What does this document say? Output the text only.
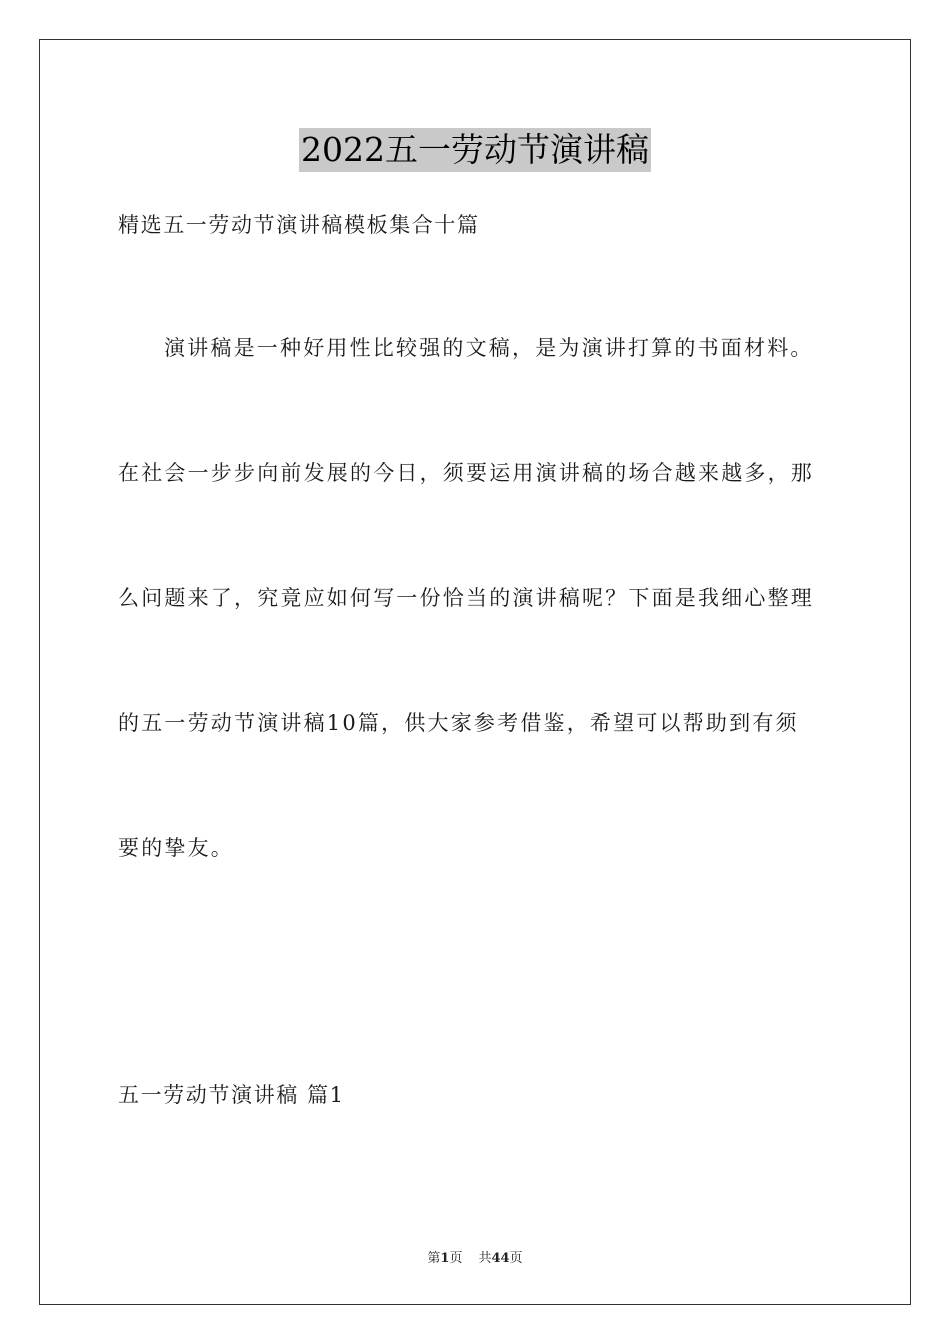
2022五一劳动节演讲稿
精选五一劳动节演讲稿模板集合十篇
演讲稿是一种好用性比较强的文稿，是为演讲打算的书面材料。
在社会一步步向前发展的今日，须要运用演讲稿的场合越来越多，那
么问题来了，究竟应如何写一份恰当的演讲稿呢？下面是我细心整理
的五一劳动节演讲稿10篇，供大家参考借鉴，希望可以帮助到有须
要的挚友。
五一劳动节演讲稿 篇1
第1页 共44页
